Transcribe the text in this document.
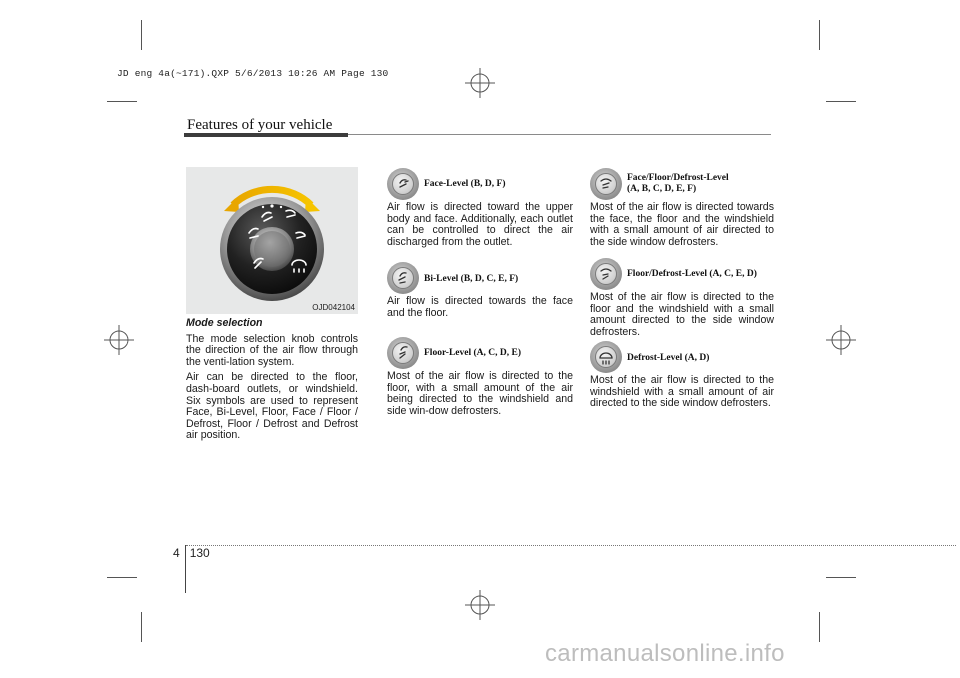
JD eng 4a(~171).QXP 5/6/2013 10:26 AM Page 130
Features of your vehicle
OJD042104

Mode selection

The mode selection knob controls the direction of the air flow through the venti-lation system.

Air can be directed to the floor, dash-board outlets, or windshield. Six symbols are used to represent Face, Bi-Level, Floor, Face / Floor / Defrost, Floor / Defrost and Defrost air position.

Face-Level (B, D, F)

Air flow is directed toward the upper body and face. Additionally, each outlet can be controlled to direct the air discharged from the outlet.

Bi-Level (B, D, C, E, F)

Air flow is directed towards the face and the floor.

Floor-Level (A, C, D, E)

Most of the air flow is directed to the floor, with a small amount of the air being directed to the windshield and side win-dow defrosters.

Face/Floor/Defrost-Level
(A, B, C, D, E, F)

Most of the air flow is directed towards the face, the floor and the windshield with a small amount of air directed to the side window defrosters.

Floor/Defrost-Level (A, C, E, D)

Most of the air flow is directed to the floor and the windshield with a small amount directed to the side window defrosters.

Defrost-Level (A, D)

Most of the air flow is directed to the windshield with a small amount of air directed to the side window defrosters.

4 130
carmanualsonline.info
